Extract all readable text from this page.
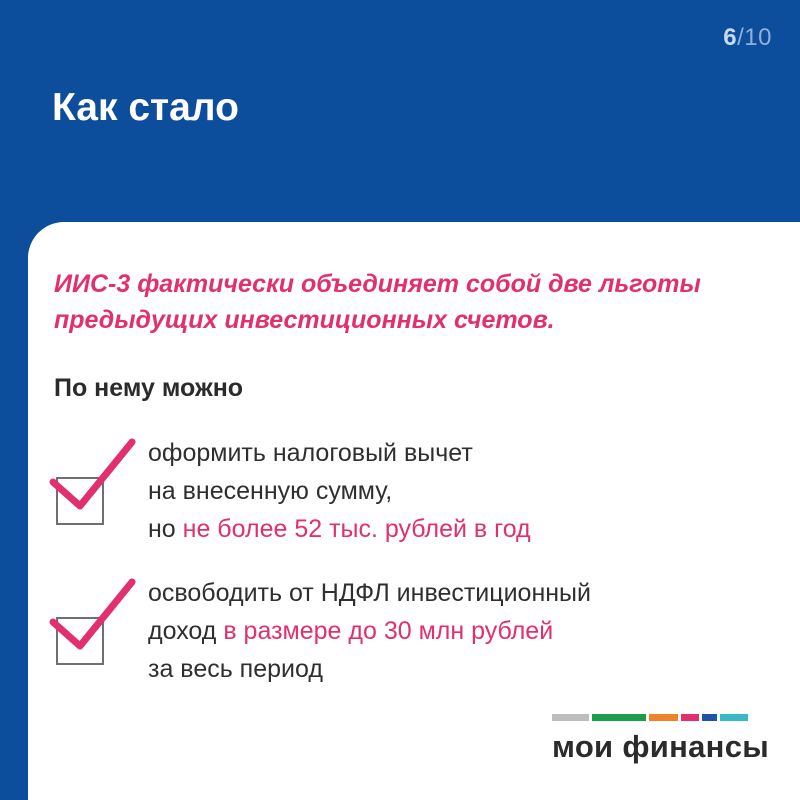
6/10
Как стало

ИИС-3 фактически объединяет собой две льготы предыдущих инвестиционных счетов.

По нему можно

оформить налоговый вычет
на внесенную сумму,
но не более 52 тыс. рублей в год
освободить от НДФЛ инвестиционный
доход в размере до 30 млн рублей
за весь период
мои финансы
